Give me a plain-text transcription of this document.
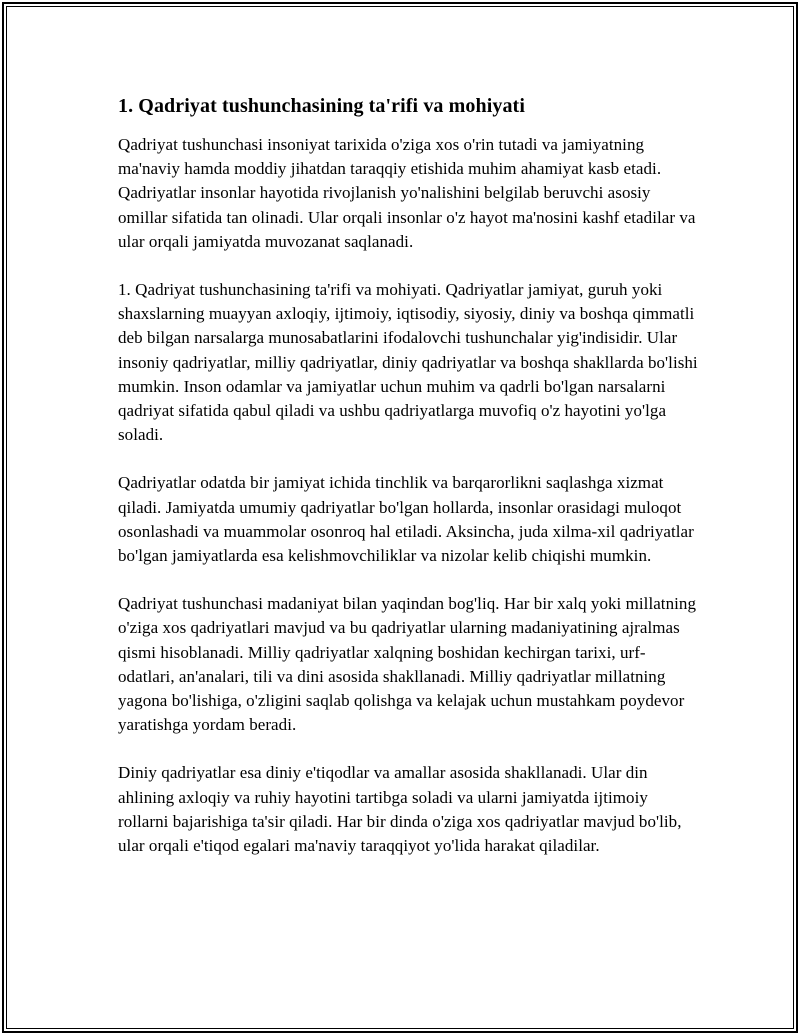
1. Qadriyat tushunchasining ta'rifi va mohiyati

Qadriyat tushunchasi insoniyat tarixida o'ziga xos o'rin tutadi va jamiyatning ma'naviy hamda moddiy jihatdan taraqqiy etishida muhim ahamiyat kasb etadi. Qadriyatlar insonlar hayotida rivojlanish yo'nalishini belgilab beruvchi asosiy omillar sifatida tan olinadi. Ular orqali insonlar o'z hayot ma'nosini kashf etadilar va ular orqali jamiyatda muvozanat saqlanadi.

1. Qadriyat tushunchasining ta'rifi va mohiyati. Qadriyatlar jamiyat, guruh yoki shaxslarning muayyan axloqiy, ijtimoiy, iqtisodiy, siyosiy, diniy va boshqa qimmatli deb bilgan narsalarga munosabatlarini ifodalovchi tushunchalar yig'indisidir. Ular insoniy qadriyatlar, milliy qadriyatlar, diniy qadriyatlar va boshqa shakllarda bo'lishi mumkin. Inson odamlar va jamiyatlar uchun muhim va qadrli bo'lgan narsalarni qadriyat sifatida qabul qiladi va ushbu qadriyatlarga muvofiq o'z hayotini yo'lga soladi.

Qadriyatlar odatda bir jamiyat ichida tinchlik va barqarorlikni saqlashga xizmat qiladi. Jamiyatda umumiy qadriyatlar bo'lgan hollarda, insonlar orasidagi muloqot osonlashadi va muammolar osonroq hal etiladi. Aksincha, juda xilma-xil qadriyatlar bo'lgan jamiyatlarda esa kelishmovchiliklar va nizolar kelib chiqishi mumkin.

Qadriyat tushunchasi madaniyat bilan yaqindan bog'liq. Har bir xalq yoki millatning o'ziga xos qadriyatlari mavjud va bu qadriyatlar ularning madaniyatining ajralmas qismi hisoblanadi. Milliy qadriyatlar xalqning boshidan kechirgan tarixi, urf-odatlari, an'analari, tili va dini asosida shakllanadi. Milliy qadriyatlar millatning yagona bo'lishiga, o'zligini saqlab qolishga va kelajak uchun mustahkam poydevor yaratishga yordam beradi.

Diniy qadriyatlar esa diniy e'tiqodlar va amallar asosida shakllanadi. Ular din ahlining axloqiy va ruhiy hayotini tartibga soladi va ularni jamiyatda ijtimoiy rollarni bajarishiga ta'sir qiladi. Har bir dinda o'ziga xos qadriyatlar mavjud bo'lib, ular orqali e'tiqod egalari ma'naviy taraqqiyot yo'lida harakat qiladilar.
